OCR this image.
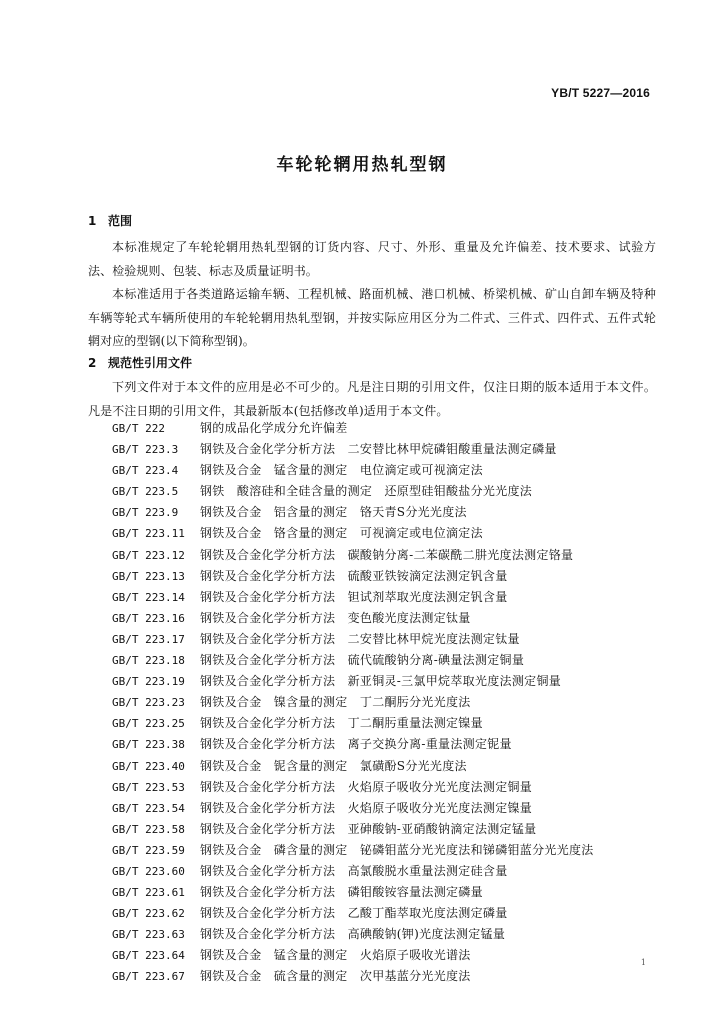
YB/T 5227—2016
车轮轮辋用热轧型钢
1 范围

本标准规定了车轮轮辋用热轧型钢的订货内容、尺寸、外形、重量及允许偏差、技术要求、试验方法、检验规则、包装、标志及质量证明书。

本标准适用于各类道路运输车辆、工程机械、路面机械、港口机械、桥梁机械、矿山自卸车辆及特种车辆等轮式车辆所使用的车轮轮辋用热轧型钢，并按实际应用区分为二件式、三件式、四件式、五件式轮辋对应的型钢(以下简称型钢)。

2 规范性引用文件

下列文件对于本文件的应用是必不可少的。凡是注日期的引用文件，仅注日期的版本适用于本文件。凡是不注日期的引用文件，其最新版本(包括修改单)适用于本文件。

GB/T 222	钢的成品化学成分允许偏差
GB/T 223.3 钢铁及合金化学分析方法　二安替比林甲烷磷钼酸重量法测定磷量
GB/T 223.4 钢铁及合金　锰含量的测定　电位滴定或可视滴定法
GB/T 223.5 钢铁　酸溶硅和全硅含量的测定　还原型硅钼酸盐分光光度法
GB/T 223.9 钢铁及合金　铝含量的测定　铬天青S分光光度法
GB/T 223.11 钢铁及合金　铬含量的测定　可视滴定或电位滴定法
GB/T 223.12 钢铁及合金化学分析方法　碳酸钠分离-二苯碳酰二肼光度法测定铬量
GB/T 223.13 钢铁及合金化学分析方法　硫酸亚铁铵滴定法测定钒含量
GB/T 223.14 钢铁及合金化学分析方法　钽试剂萃取光度法测定钒含量
GB/T 223.16 钢铁及合金化学分析方法　变色酸光度法测定钛量
GB/T 223.17 钢铁及合金化学分析方法　二安替比林甲烷光度法测定钛量
GB/T 223.18 钢铁及合金化学分析方法　硫代硫酸钠分离-碘量法测定铜量
GB/T 223.19 钢铁及合金化学分析方法　新亚铜灵-三氯甲烷萃取光度法测定铜量
GB/T 223.23 钢铁及合金　镍含量的测定　丁二酮肟分光光度法
GB/T 223.25 钢铁及合金化学分析方法　丁二酮肟重量法测定镍量
GB/T 223.38 钢铁及合金化学分析方法　离子交换分离-重量法测定铌量
GB/T 223.40 钢铁及合金　铌含量的测定　氯磺酚S分光光度法
GB/T 223.53 钢铁及合金化学分析方法　火焰原子吸收分光光度法测定铜量
GB/T 223.54 钢铁及合金化学分析方法　火焰原子吸收分光光度法测定镍量
GB/T 223.58 钢铁及合金化学分析方法　亚砷酸钠-亚硝酸钠滴定法测定锰量
GB/T 223.59 钢铁及合金　磷含量的测定　铋磷钼蓝分光光度法和锑磷钼蓝分光光度法
GB/T 223.60 钢铁及合金化学分析方法　高氯酸脱水重量法测定硅含量
GB/T 223.61 钢铁及合金化学分析方法　磷钼酸铵容量法测定磷量
GB/T 223.62 钢铁及合金化学分析方法　乙酸丁酯萃取光度法测定磷量
GB/T 223.63 钢铁及合金化学分析方法　高碘酸钠(钾)光度法测定锰量
GB/T 223.64 钢铁及合金　锰含量的测定　火焰原子吸收光谱法
GB/T 223.67 钢铁及合金　硫含量的测定　次甲基蓝分光光度法
1
